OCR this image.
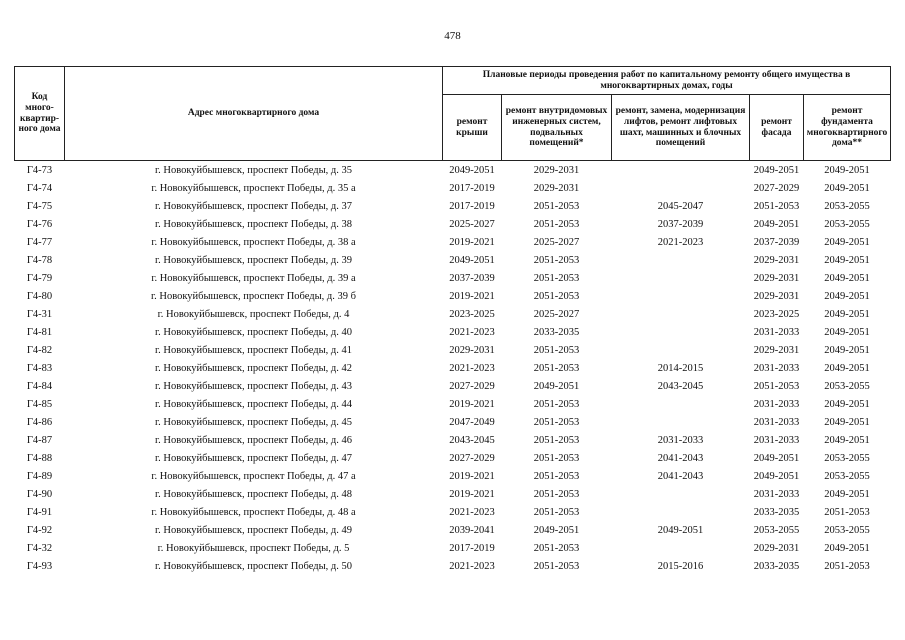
478
Код много-квартир-ного дома	Адрес многоквартирного дома	Плановые периоды проведения работ по капитальному ремонту общего имущества в многоквартирных домах, годы				
		ремонт крыши	ремонт внутридомовых инженерных систем, подвальных помещений*	ремонт, замена, модернизация лифтов, ремонт лифтовых шахт, машинных и блочных помещений	ремонт фасада	ремонт фундамента многоквартирного дома**
Г4-73	г. Новокуйбышевск, проспект Победы, д. 35	2049-2051	2029-2031		2049-2051	2049-2051
Г4-74	г. Новокуйбышевск, проспект Победы, д. 35 а	2017-2019	2029-2031		2027-2029	2049-2051
Г4-75	г. Новокуйбышевск, проспект Победы, д. 37	2017-2019	2051-2053	2045-2047	2051-2053	2053-2055
Г4-76	г. Новокуйбышевск, проспект Победы, д. 38	2025-2027	2051-2053	2037-2039	2049-2051	2053-2055
Г4-77	г. Новокуйбышевск, проспект Победы, д. 38 а	2019-2021	2025-2027	2021-2023	2037-2039	2049-2051
Г4-78	г. Новокуйбышевск, проспект Победы, д. 39	2049-2051	2051-2053		2029-2031	2049-2051
Г4-79	г. Новокуйбышевск, проспект Победы, д. 39 а	2037-2039	2051-2053		2029-2031	2049-2051
Г4-80	г. Новокуйбышевск, проспект Победы, д. 39 б	2019-2021	2051-2053		2029-2031	2049-2051
Г4-31	г. Новокуйбышевск, проспект Победы, д. 4	2023-2025	2025-2027		2023-2025	2049-2051
Г4-81	г. Новокуйбышевск, проспект Победы, д. 40	2021-2023	2033-2035		2031-2033	2049-2051
Г4-82	г. Новокуйбышевск, проспект Победы, д. 41	2029-2031	2051-2053		2029-2031	2049-2051
Г4-83	г. Новокуйбышевск, проспект Победы, д. 42	2021-2023	2051-2053	2014-2015	2031-2033	2049-2051
Г4-84	г. Новокуйбышевск, проспект Победы, д. 43	2027-2029	2049-2051	2043-2045	2051-2053	2053-2055
Г4-85	г. Новокуйбышевск, проспект Победы, д. 44	2019-2021	2051-2053		2031-2033	2049-2051
Г4-86	г. Новокуйбышевск, проспект Победы, д. 45	2047-2049	2051-2053		2031-2033	2049-2051
Г4-87	г. Новокуйбышевск, проспект Победы, д. 46	2043-2045	2051-2053	2031-2033	2031-2033	2049-2051
Г4-88	г. Новокуйбышевск, проспект Победы, д. 47	2027-2029	2051-2053	2041-2043	2049-2051	2053-2055
Г4-89	г. Новокуйбышевск, проспект Победы, д. 47 а	2019-2021	2051-2053	2041-2043	2049-2051	2053-2055
Г4-90	г. Новокуйбышевск, проспект Победы, д. 48	2019-2021	2051-2053		2031-2033	2049-2051
Г4-91	г. Новокуйбышевск, проспект Победы, д. 48 а	2021-2023	2051-2053		2033-2035	2051-2053
Г4-92	г. Новокуйбышевск, проспект Победы, д. 49	2039-2041	2049-2051	2049-2051	2053-2055	2053-2055
Г4-32	г. Новокуйбышевск, проспект Победы, д. 5	2017-2019	2051-2053		2029-2031	2049-2051
Г4-93	г. Новокуйбышевск, проспект Победы, д. 50	2021-2023	2051-2053	2015-2016	2033-2035	2051-2053
